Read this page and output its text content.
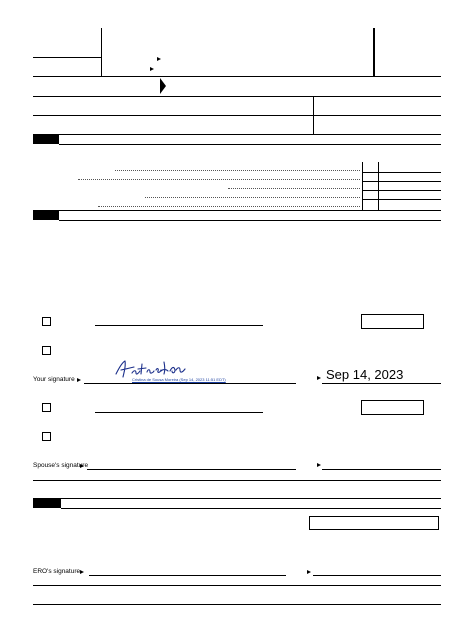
Your signature	Cristina de Sousa Moreira (Sep 14, 2023 11:51 EDT)	Sep 14, 2023
Spouse's signature
ERO's signature
